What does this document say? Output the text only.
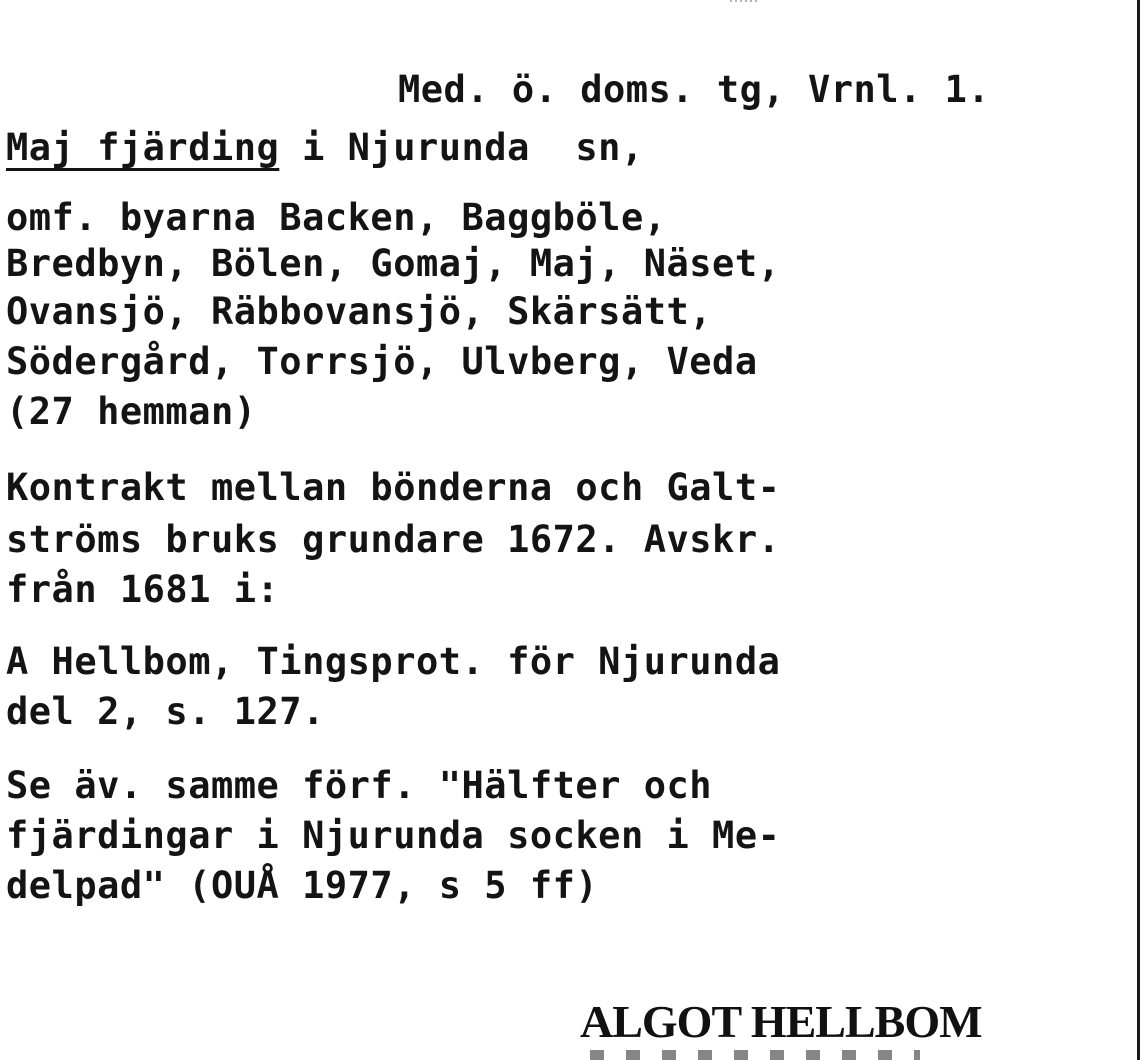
Med. ö. doms. tg, Vrnl. 1.
Maj fjärding i Njurunda  sn,
omf. byarna Backen, Baggböle,
Bredbyn, Bölen, Gomaj, Maj, Näset,
Ovansjö, Räbbovansjö, Skärsätt,
Södergård, Torrsjö, Ulvberg, Veda
(27 hemman)
Kontrakt mellan bönderna och Galt-
ströms bruks grundare 1672. Avskr.
från 1681 i:
A Hellbom, Tingsprot. för Njurunda
del 2, s. 127.
Se äv. samme förf. "Hälfter och
fjärdingar i Njurunda socken i Me-
delpad" (OUÅ 1977, s 5 ff)
ALGOT HELLBOM
